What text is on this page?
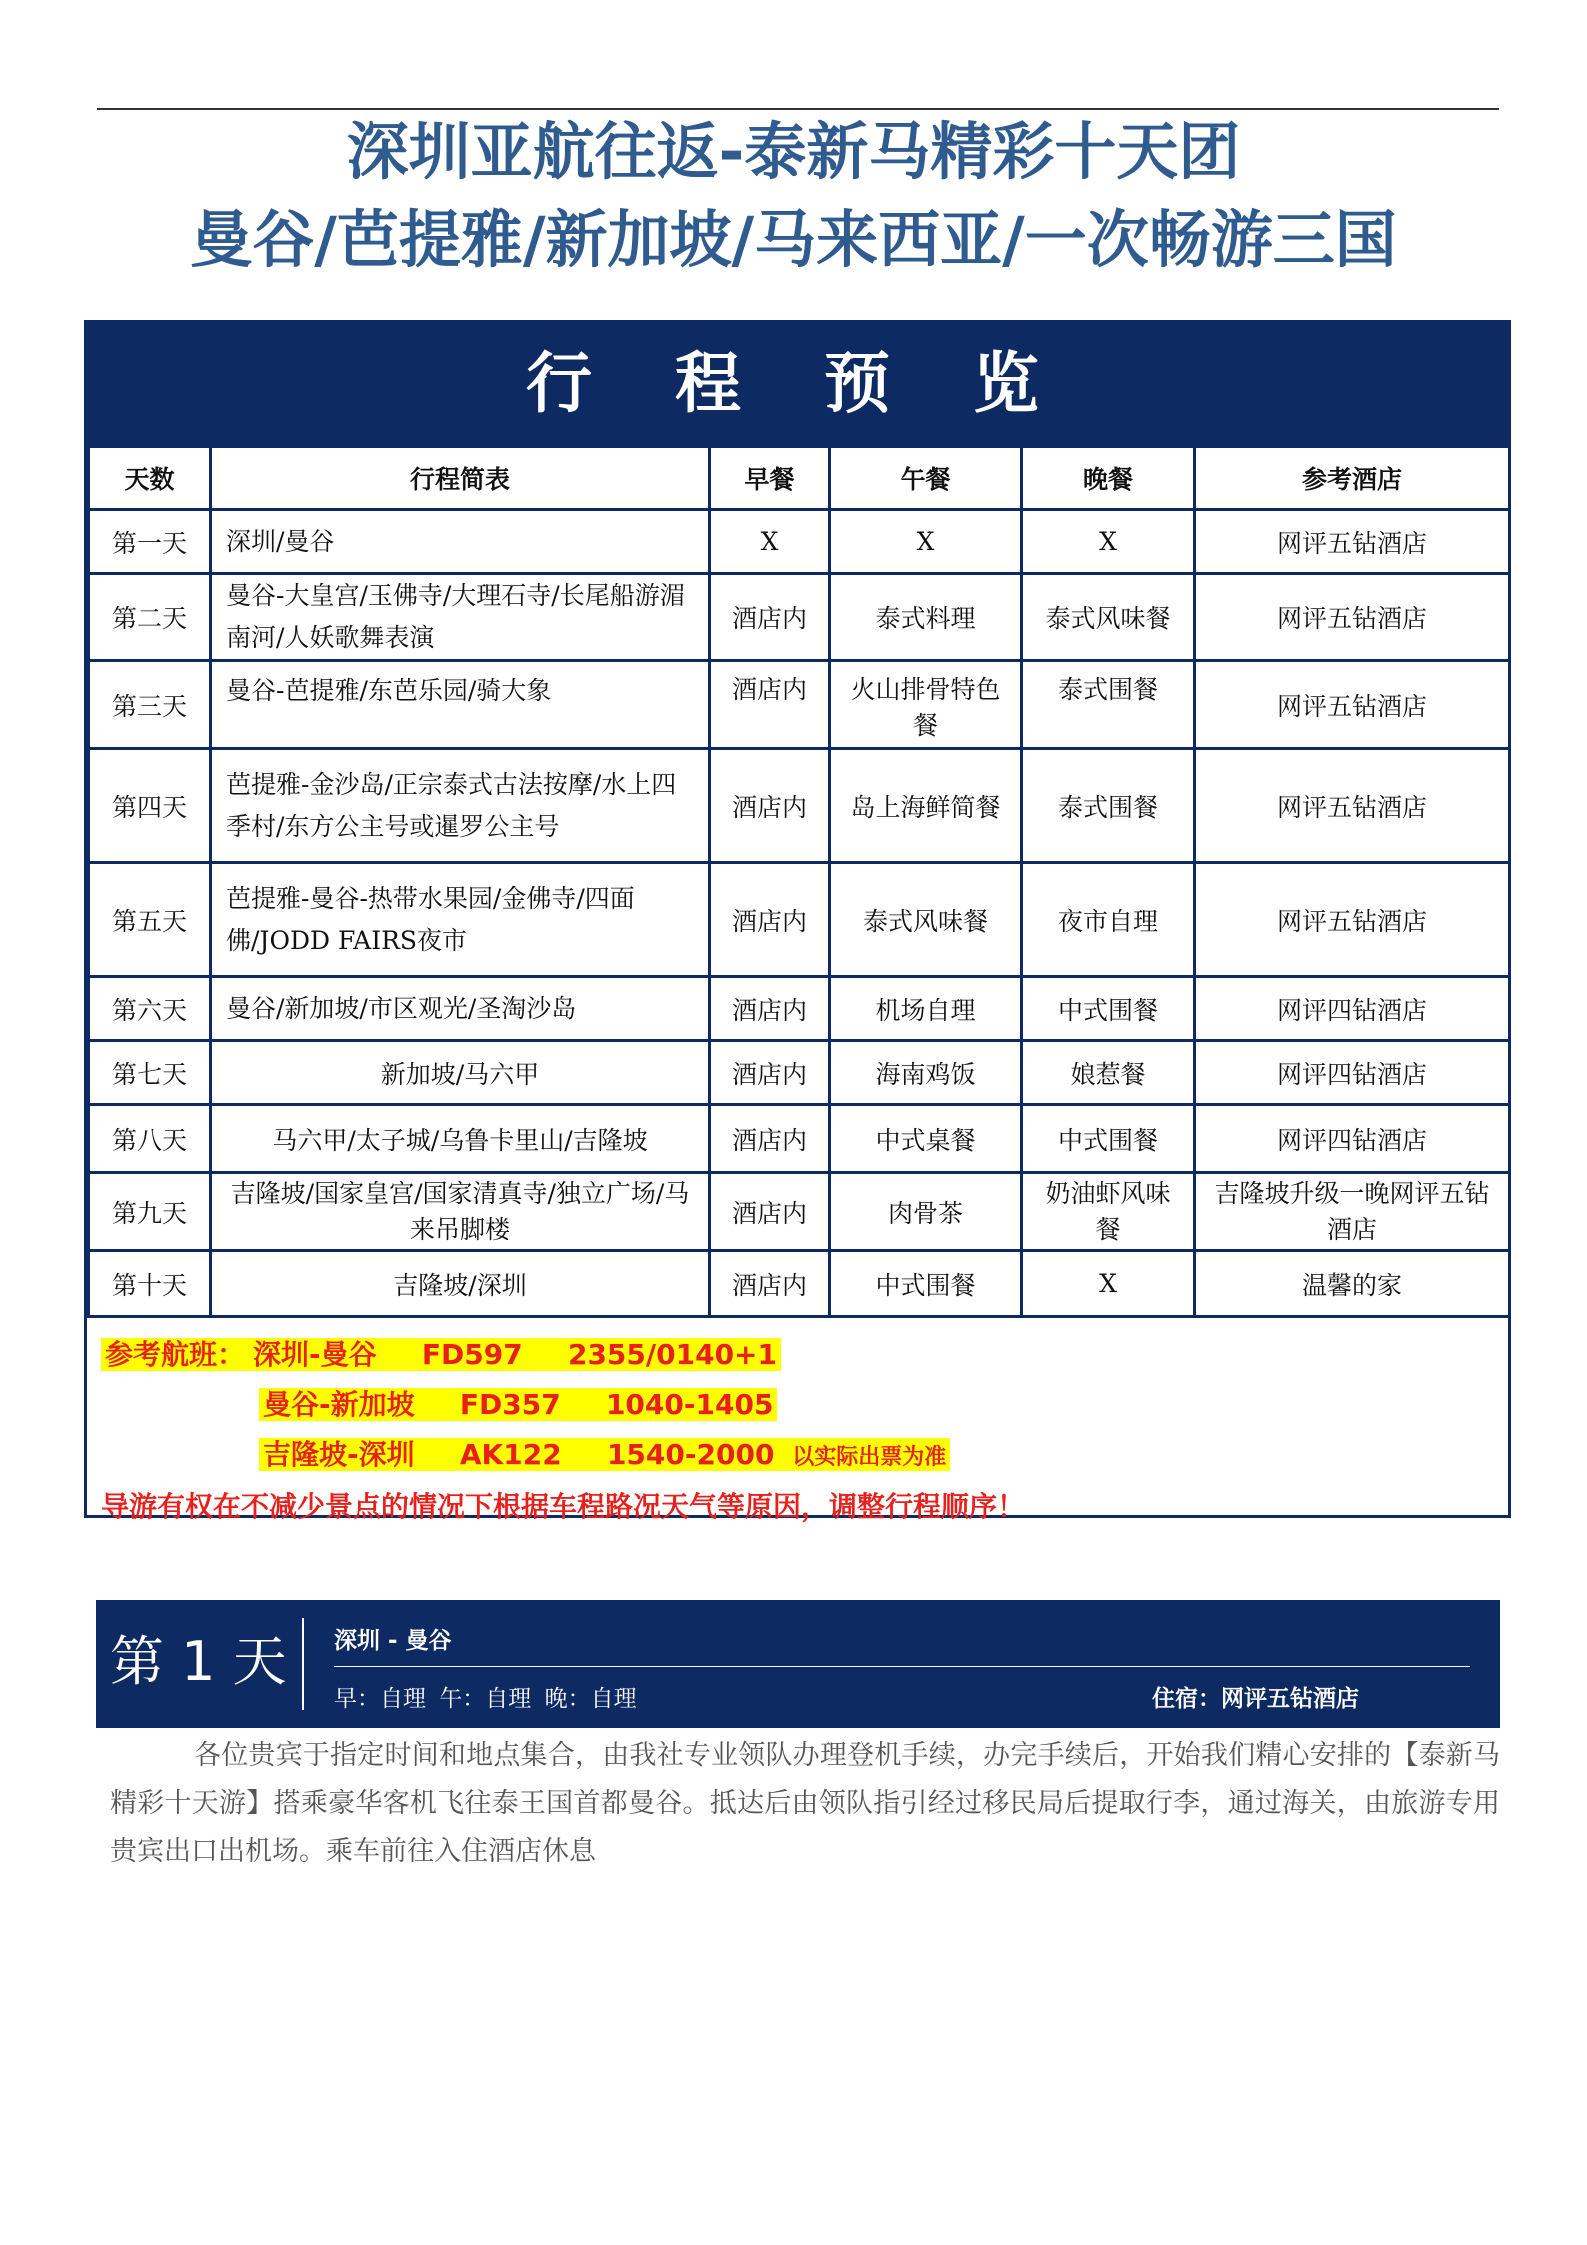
深圳亚航往返-泰新马精彩十天团
曼谷/芭提雅/新加坡/马来西亚/一次畅游三国
行 程 预 览
天数	行程简表	早餐	午餐	晚餐	参考酒店
第一天	深圳/曼谷	X	X	X	网评五钻酒店
第二天	曼谷-大皇宫/玉佛寺/大理石寺/长尾船游湄南河/人妖歌舞表演	酒店内	泰式料理	泰式风味餐	网评五钻酒店
第三天	曼谷-芭提雅/东芭乐园/骑大象	酒店内	火山排骨特色餐	泰式围餐	网评五钻酒店
第四天	芭提雅-金沙岛/正宗泰式古法按摩/水上四季村/东方公主号或暹罗公主号	酒店内	岛上海鲜简餐	泰式围餐	网评五钻酒店
第五天	芭提雅-曼谷-热带水果园/金佛寺/四面佛/JODD FAIRS夜市	酒店内	泰式风味餐	夜市自理	网评五钻酒店
第六天	曼谷/新加坡/市区观光/圣淘沙岛	酒店内	机场自理	中式围餐	网评四钻酒店
第七天	新加坡/马六甲	酒店内	海南鸡饭	娘惹餐	网评四钻酒店
第八天	马六甲/太子城/乌鲁卡里山/吉隆坡	酒店内	中式桌餐	中式围餐	网评四钻酒店
第九天	吉隆坡/国家皇宫/国家清真寺/独立广场/马来吊脚楼	酒店内	肉骨茶	奶油虾风味餐	吉隆坡升级一晚网评五钻酒店
第十天	吉隆坡/深圳	酒店内	中式围餐	X	温馨的家
参考航班： 深圳-曼谷 FD597 2355/0140+1
曼谷-新加坡 FD357 1040-1405
吉隆坡-深圳 AK122 1540-2000 以实际出票为准
导游有权在不减少景点的情况下根据车程路况天气等原因，调整行程顺序！
第 1 天 深圳 - 曼谷
早：自理 午：自理 晚：自理	住宿：网评五钻酒店
各位贵宾于指定时间和地点集合，由我社专业领队办理登机手续，办完手续后，开始我们精心安排的【泰新马精彩十天游】搭乘豪华客机飞往泰王国首都曼谷。抵达后由领队指引经过移民局后提取行李，通过海关，由旅游专用贵宾出口出机场。乘车前往入住酒店休息
